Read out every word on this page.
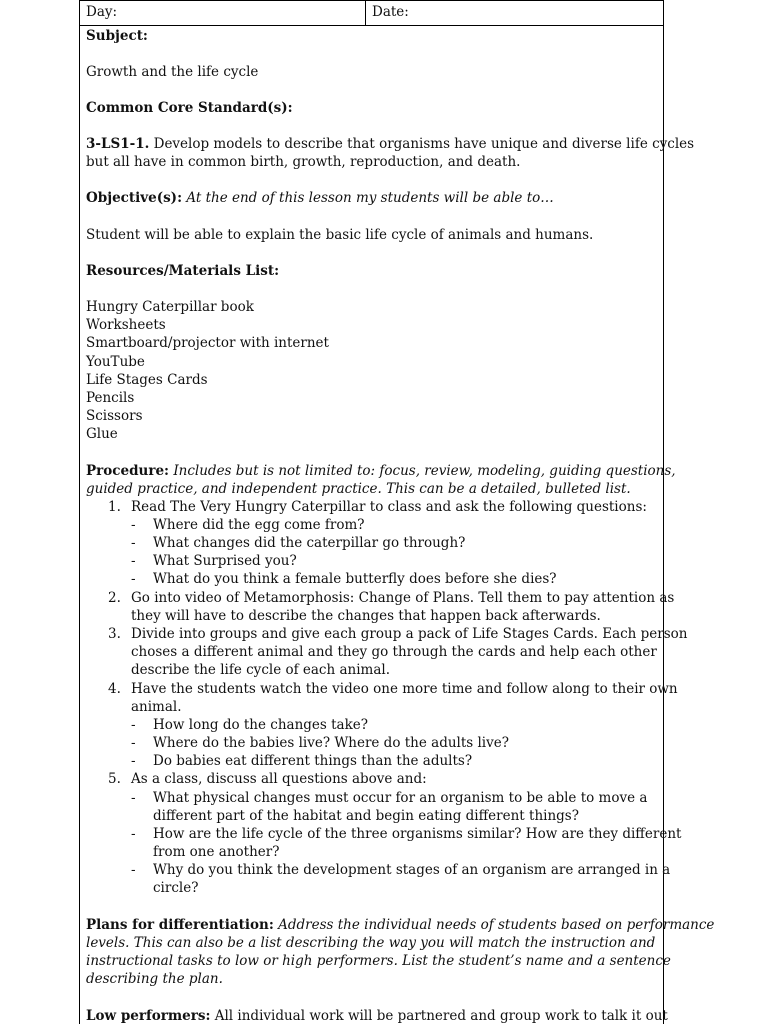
Day:	Date:
Subject:
Growth and the life cycle
Common Core Standard(s):
3-LS1-1. Develop models to describe that organisms have unique and diverse life cycles
but all have in common birth, growth, reproduction, and death.
Objective(s): At the end of this lesson my students will be able to…
Student will be able to explain the basic life cycle of animals and humans.
Resources/Materials List:
Hungry Caterpillar book
Worksheets
Smartboard/projector with internet
YouTube
Life Stages Cards
Pencils
Scissors
Glue
Procedure: Includes but is not limited to: focus, review, modeling, guiding questions,
guided practice, and independent practice. This can be a detailed, bulleted list.
1. Read The Very Hungry Caterpillar to class and ask the following questions:
- Where did the egg come from?
- What changes did the caterpillar go through?
- What Surprised you?
- What do you think a female butterfly does before she dies?
2. Go into video of Metamorphosis: Change of Plans. Tell them to pay attention as
they will have to describe the changes that happen back afterwards.
3. Divide into groups and give each group a pack of Life Stages Cards. Each person
choses a different animal and they go through the cards and help each other
describe the life cycle of each animal.
4. Have the students watch the video one more time and follow along to their own
animal.
- How long do the changes take?
- Where do the babies live? Where do the adults live?
- Do babies eat different things than the adults?
5. As a class, discuss all questions above and:
- What physical changes must occur for an organism to be able to move a
different part of the habitat and begin eating different things?
- How are the life cycle of the three organisms similar? How are they different
from one another?
- Why do you think the development stages of an organism are arranged in a
circle?
Plans for differentiation: Address the individual needs of students based on performance
levels. This can also be a list describing the way you will match the instruction and
instructional tasks to low or high performers. List the student’s name and a sentence
describing the plan.
Low performers: All individual work will be partnered and group work to talk it out
